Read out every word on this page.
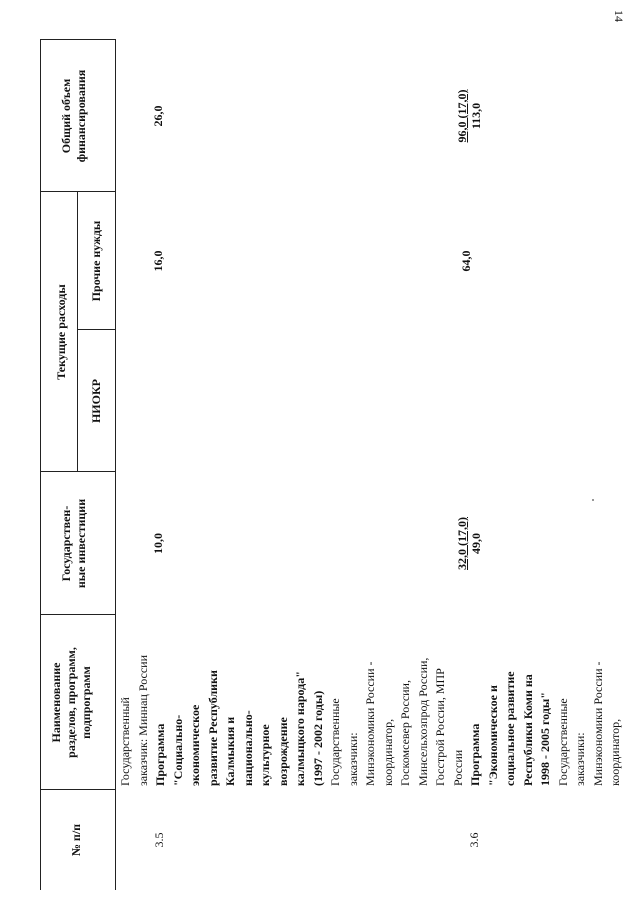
14
№ п/п
Наименование разделов, программ, подпрограмм
Государствен- ные инвестиции
Текущие расходы
НИОКР
Прочие нужды
Общий объем финансирования
Государственный заказчик: Миннац России Программа "Социально- экономическое развитие Республики Калмыкия и национально- культурное возрождение калмыцкого народа" (1997 - 2002 годы) Государственные заказчики: Минэкономики России - координатор, Госкомсевер России, Минсельхозпрод России, Госстрой России, МПР России Программа "Экономическое и социальное развитие Республики Коми на 1998 - 2005 годы" Государственные заказчики: Минэкономики России - координатор,
3.5
10,0
16,0
26,0
3.6
32,0 (17,0) 49,0
64,0
96,0 (17,0) 113,0
